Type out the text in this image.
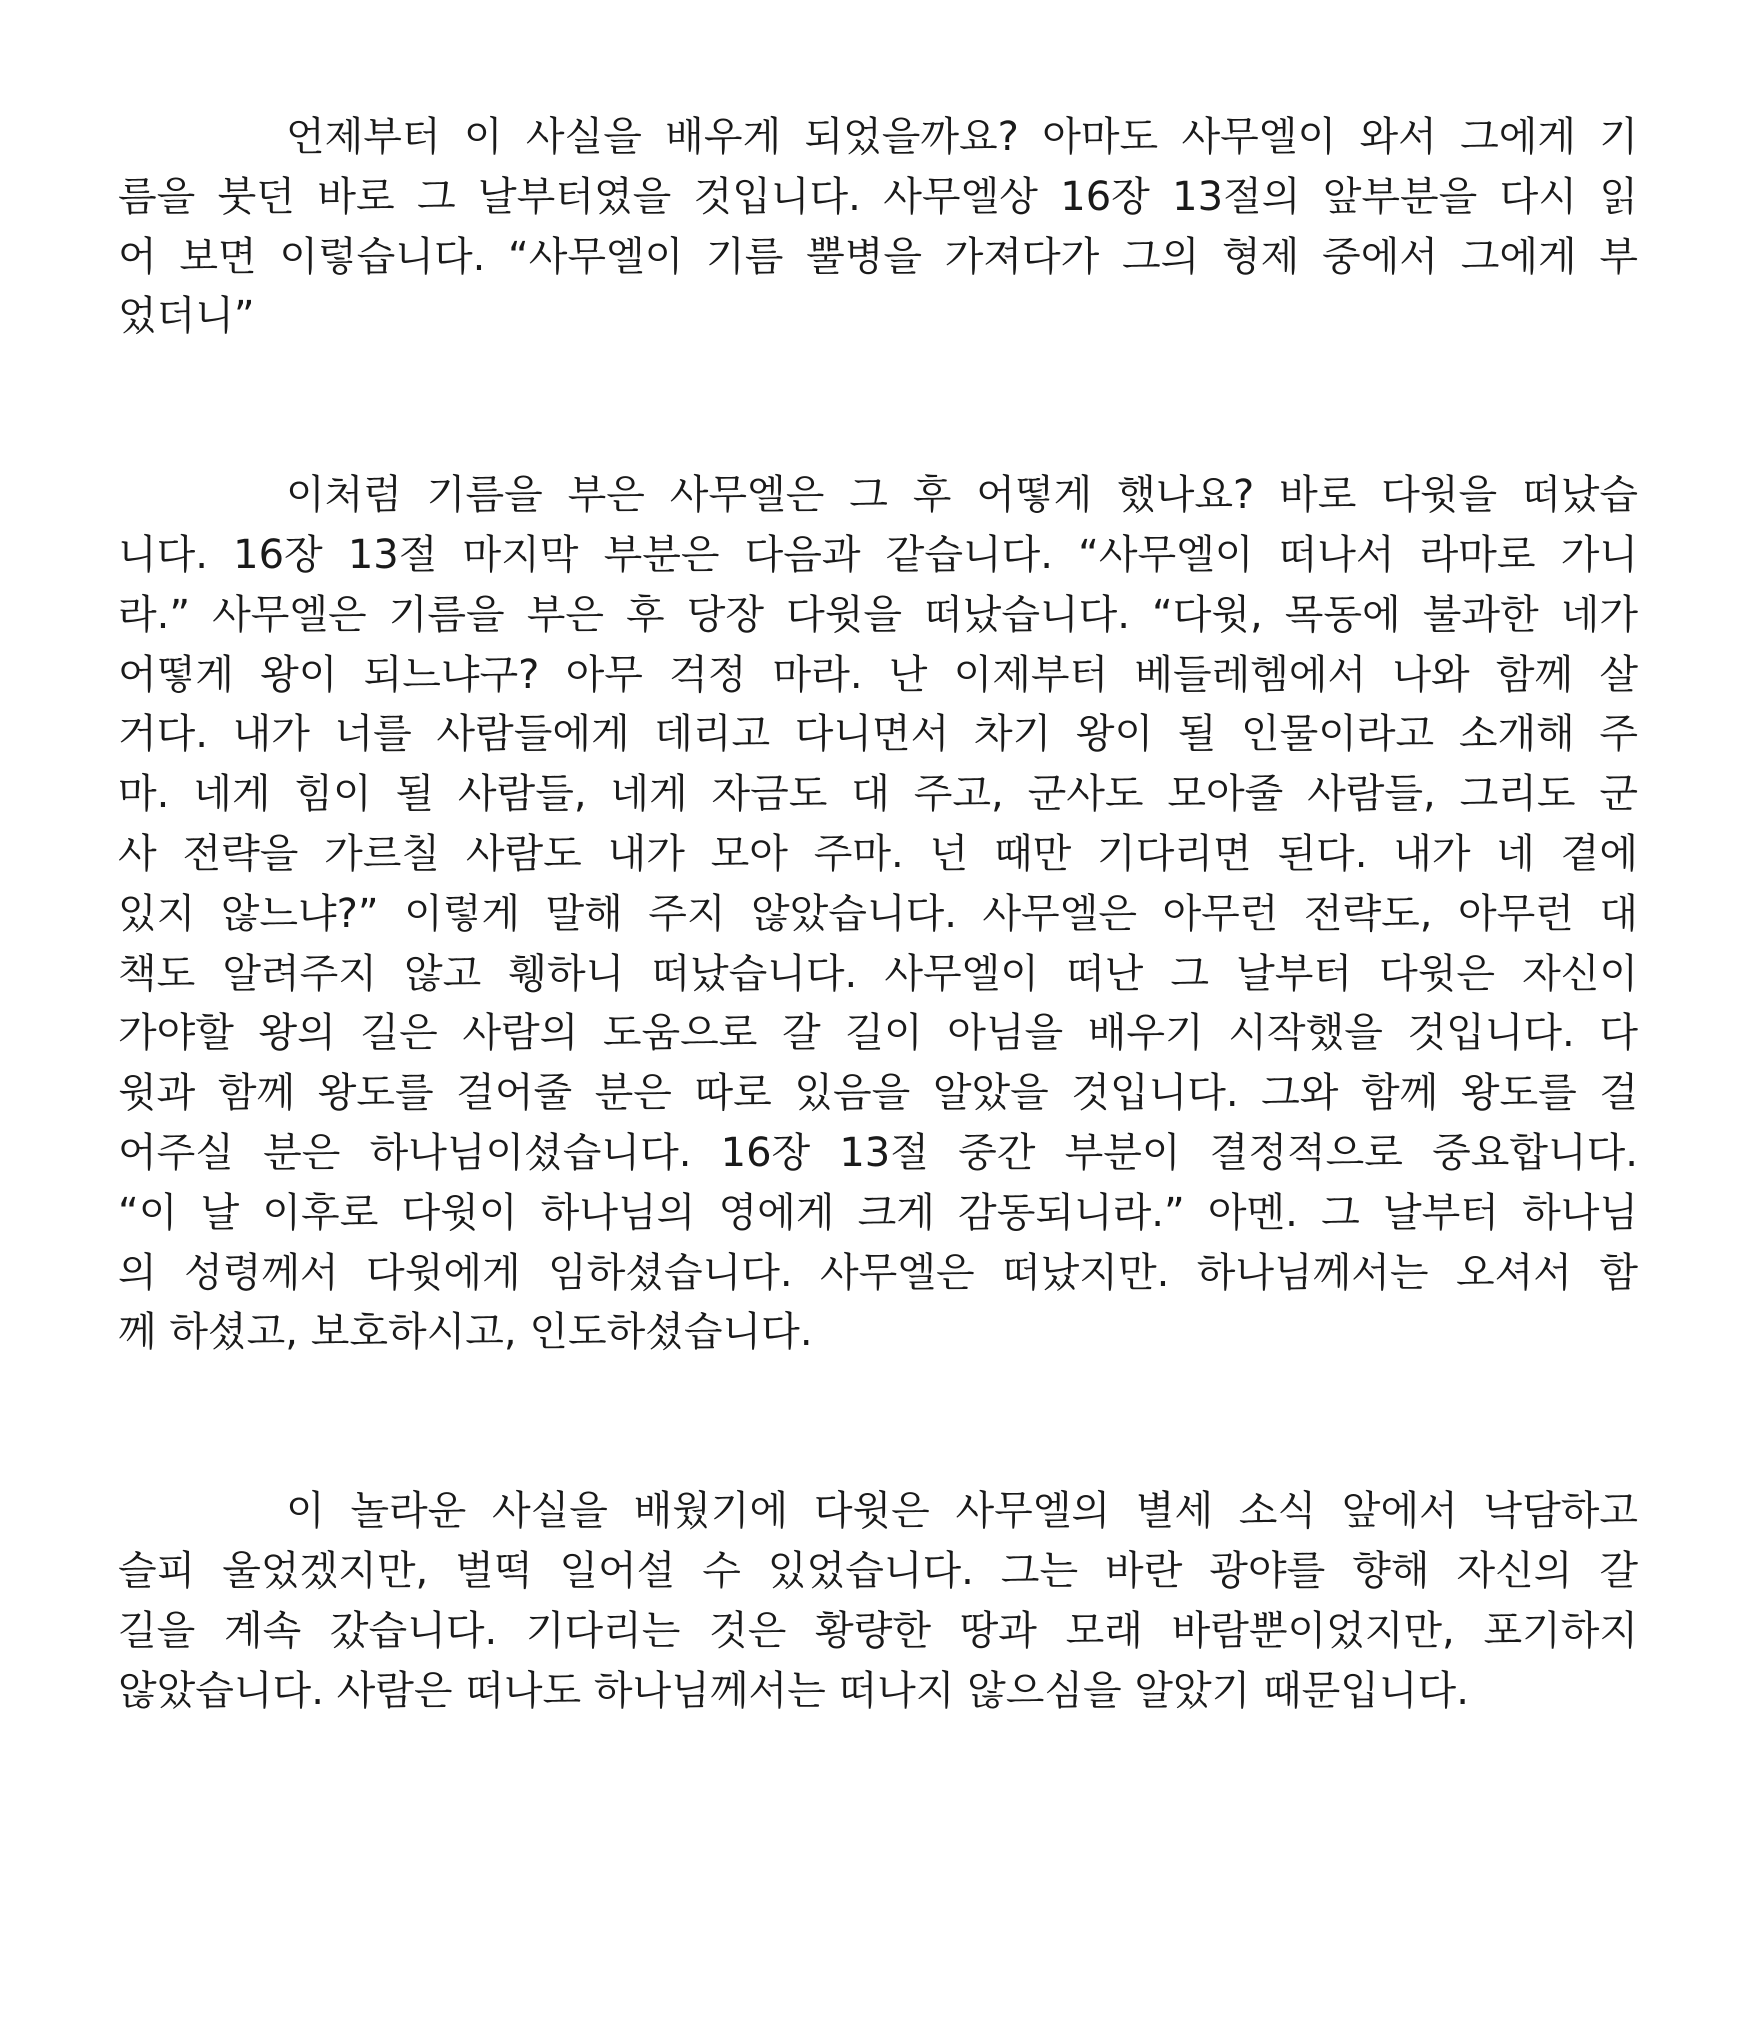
언제부터 이 사실을 배우게 되었을까요? 아마도 사무엘이 와서 그에게 기
름을 붓던 바로 그 날부터였을 것입니다. 사무엘상 16장 13절의 앞부분을 다시 읽
어 보면 이렇습니다. “사무엘이 기름 뿔병을 가져다가 그의 형제 중에서 그에게 부
었더니”
이처럼 기름을 부은 사무엘은 그 후 어떻게 했나요? 바로 다윗을 떠났습
니다. 16장 13절 마지막 부분은 다음과 같습니다. “사무엘이 떠나서 라마로 가니
라.” 사무엘은 기름을 부은 후 당장 다윗을 떠났습니다. “다윗, 목동에 불과한 네가
어떻게 왕이 되느냐구? 아무 걱정 마라. 난 이제부터 베들레헴에서 나와 함께 살
거다. 내가 너를 사람들에게 데리고 다니면서 차기 왕이 될 인물이라고 소개해 주
마. 네게 힘이 될 사람들, 네게 자금도 대 주고, 군사도 모아줄 사람들, 그리도 군
사 전략을 가르칠 사람도 내가 모아 주마. 넌 때만 기다리면 된다. 내가 네 곁에
있지 않느냐?” 이렇게 말해 주지 않았습니다. 사무엘은 아무런 전략도, 아무런 대
책도 알려주지 않고 휑하니 떠났습니다. 사무엘이 떠난 그 날부터 다윗은 자신이
가야할 왕의 길은 사람의 도움으로 갈 길이 아님을 배우기 시작했을 것입니다. 다
윗과 함께 왕도를 걸어줄 분은 따로 있음을 알았을 것입니다. 그와 함께 왕도를 걸
어주실 분은 하나님이셨습니다. 16장 13절 중간 부분이 결정적으로 중요합니다.
“이 날 이후로 다윗이 하나님의 영에게 크게 감동되니라.” 아멘. 그 날부터 하나님
의 성령께서 다윗에게 임하셨습니다. 사무엘은 떠났지만. 하나님께서는 오셔서 함
께 하셨고, 보호하시고, 인도하셨습니다.
이 놀라운 사실을 배웠기에 다윗은 사무엘의 별세 소식 앞에서 낙담하고
슬피 울었겠지만, 벌떡 일어설 수 있었습니다. 그는 바란 광야를 향해 자신의 갈
길을 계속 갔습니다. 기다리는 것은 황량한 땅과 모래 바람뿐이었지만, 포기하지
않았습니다. 사람은 떠나도 하나님께서는 떠나지 않으심을 알았기 때문입니다.
